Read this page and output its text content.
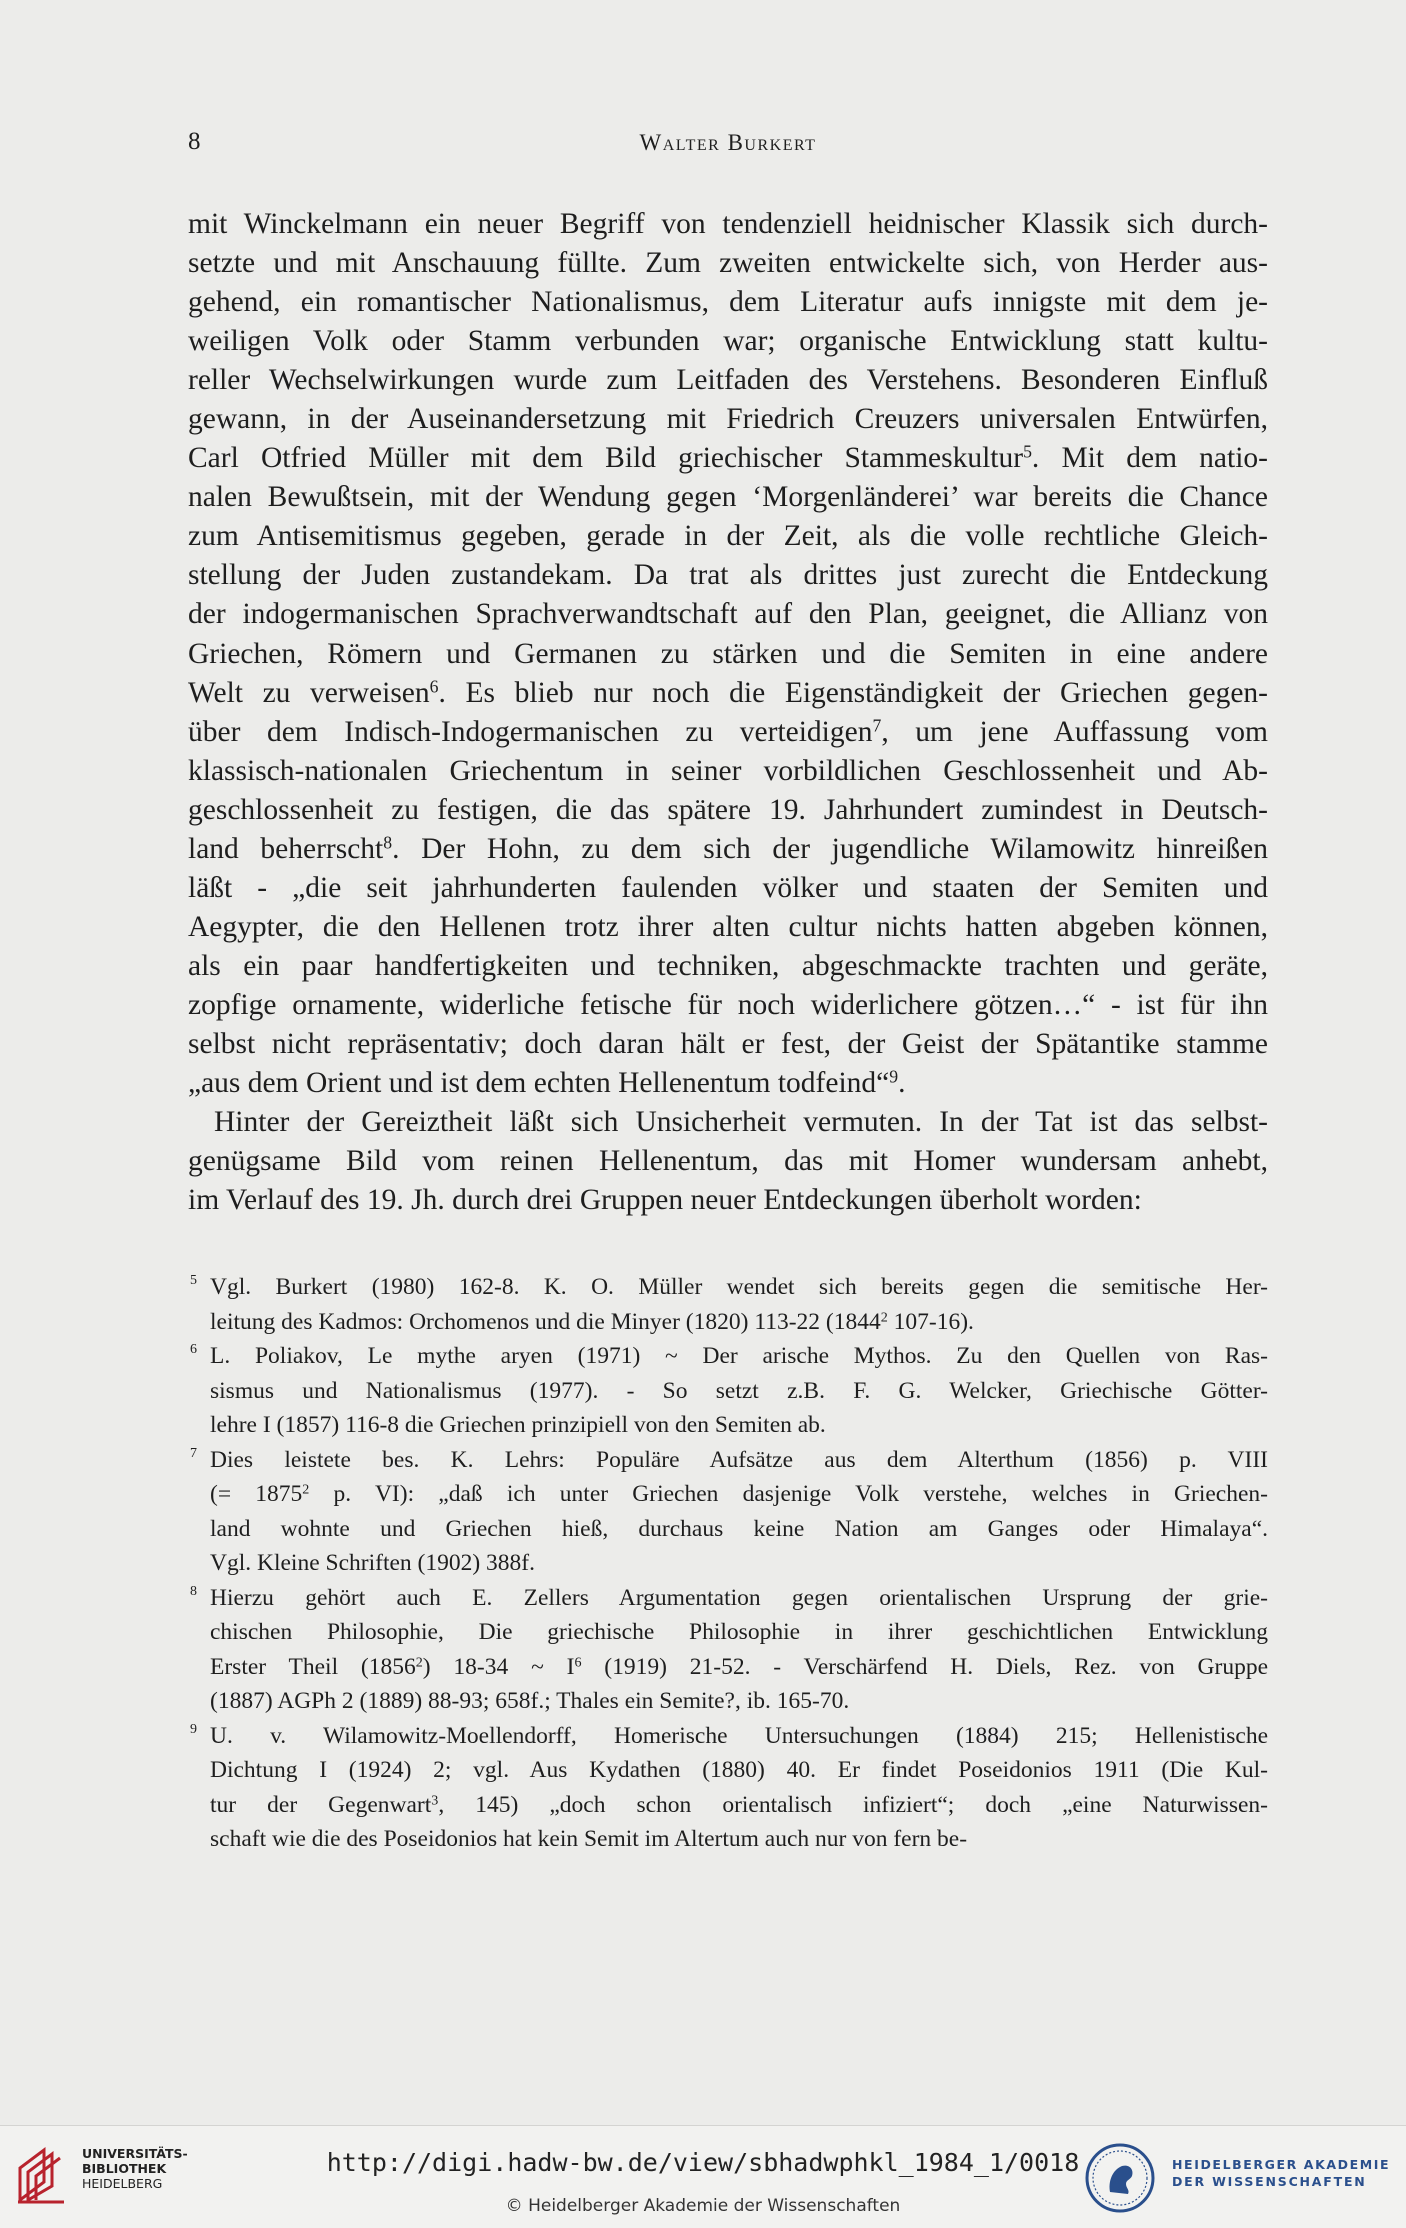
8	Walter Burkert
mit Winckelmann ein neuer Begriff von tendenziell heidnischer Klassik sich durch-
setzte und mit Anschauung füllte. Zum zweiten entwickelte sich, von Herder aus-
gehend, ein romantischer Nationalismus, dem Literatur aufs innigste mit dem je-
weiligen Volk oder Stamm verbunden war; organische Entwicklung statt kultu-
reller Wechselwirkungen wurde zum Leitfaden des Verstehens. Besonderen Einfluß
gewann, in der Auseinandersetzung mit Friedrich Creuzers universalen Entwürfen,
Carl Otfried Müller mit dem Bild griechischer Stammeskultur$^5$. Mit dem natio-
nalen Bewußtsein, mit der Wendung gegen ‘Morgenländerei’ war bereits die Chance
zum Antisemitismus gegeben, gerade in der Zeit, als die volle rechtliche Gleich-
stellung der Juden zustandekam. Da trat als drittes just zurecht die Entdeckung
der indogermanischen Sprachverwandtschaft auf den Plan, geeignet, die Allianz von
Griechen, Römern und Germanen zu stärken und die Semiten in eine andere
Welt zu verweisen$^6$. Es blieb nur noch die Eigenständigkeit der Griechen gegen-
über dem Indisch-Indogermanischen zu verteidigen$^7$, um jene Auffassung vom
klassisch-nationalen Griechentum in seiner vorbildlichen Geschlossenheit und Ab-
geschlossenheit zu festigen, die das spätere 19. Jahrhundert zumindest in Deutsch-
land beherrscht$^8$. Der Hohn, zu dem sich der jugendliche Wilamowitz hinreißen
läßt - „die seit jahrhunderten faulenden völker und staaten der Semiten und
Aegypter, die den Hellenen trotz ihrer alten cultur nichts hatten abgeben können,
als ein paar handfertigkeiten und techniken, abgeschmackte trachten und geräte,
zopfige ornamente, widerliche fetische für noch widerlichere götzen…“ - ist für ihn
selbst nicht repräsentativ; doch daran hält er fest, der Geist der Spätantike stamme
„aus dem Orient und ist dem echten Hellenentum todfeind“$^9$.
Hinter der Gereiztheit läßt sich Unsicherheit vermuten. In der Tat ist das selbst-
genügsame Bild vom reinen Hellenentum, das mit Homer wundersam anhebt,
im Verlauf des 19. Jh. durch drei Gruppen neuer Entdeckungen überholt worden:
5 Vgl. Burkert (1980) 162-8. K. O. Müller wendet sich bereits gegen die semitische Her-
leitung des Kadmos: Orchomenos und die Minyer (1820) 113-22 (1844$^2$ 107-16).
6 L. Poliakov, Le mythe aryen (1971) ~ Der arische Mythos. Zu den Quellen von Ras-
sismus und Nationalismus (1977). - So setzt z.B. F. G. Welcker, Griechische Götter-
lehre I (1857) 116-8 die Griechen prinzipiell von den Semiten ab.
7 Dies leistete bes. K. Lehrs: Populäre Aufsätze aus dem Alterthum (1856) p. VIII
(= $1875^2$ p. VI): „daß ich unter Griechen dasjenige Volk verstehe, welches in Griechen-
land wohnte und Griechen hieß, durchaus keine Nation am Ganges oder Himalaya“.
Vgl. Kleine Schriften (1902) 388f.
8 Hierzu gehört auch E. Zellers Argumentation gegen orientalischen Ursprung der grie-
chischen Philosophie, Die griechische Philosophie in ihrer geschichtlichen Entwicklung
Erster Theil (1856$^2$) 18-34 ~ $I^6$ (1919) 21-52. - Verschärfend H. Diels, Rez. von Gruppe
(1887) AGPh 2 (1889) 88-93; 658f.; Thales ein Semite?, ib. 165-70.
9 U. v. Wilamowitz-Moellendorff, Homerische Untersuchungen (1884) 215; Hellenistische
Dichtung I (1924) 2; vgl. Aus Kydathen (1880) 40. Er findet Poseidonios 1911 (Die Kul-
tur der Gegenwart$^3$, 145) „doch schon orientalisch infiziert“; doch „eine Naturwissen-
schaft wie die des Poseidonios hat kein Semit im Altertum auch nur von fern be-
UNIVERSITÄTS-
BIBLIOTHEK
HEIDELBERG
http://digi.hadw-bw.de/view/sbhadwphkl_1984_1/0018
© Heidelberger Akademie der Wissenschaften
HEIDELBERGER AKADEMIE
DER WISSENSCHAFTEN
